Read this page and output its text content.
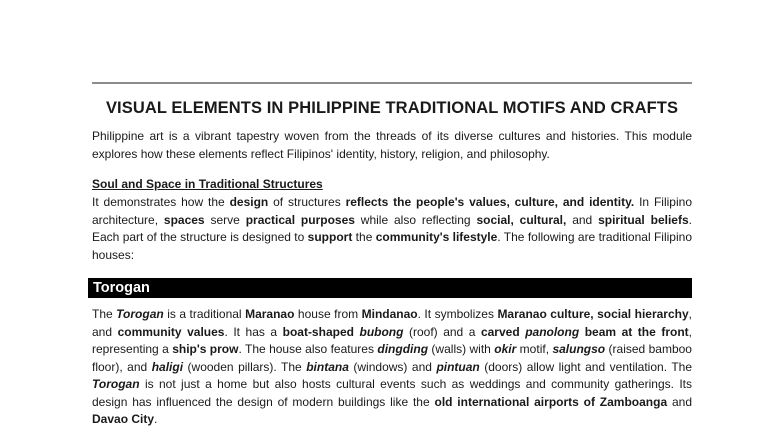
VISUAL ELEMENTS IN PHILIPPINE TRADITIONAL MOTIFS AND CRAFTS
Philippine art is a vibrant tapestry woven from the threads of its diverse cultures and histories. This module explores how these elements reflect Filipinos' identity, history, religion, and philosophy.
Soul and Space in Traditional Structures
It demonstrates how the design of structures reflects the people's values, culture, and identity. In Filipino architecture, spaces serve practical purposes while also reflecting social, cultural, and spiritual beliefs. Each part of the structure is designed to support the community's lifestyle. The following are traditional Filipino houses:
Torogan
The Torogan is a traditional Maranao house from Mindanao. It symbolizes Maranao culture, social hierarchy, and community values. It has a boat-shaped bubong (roof) and a carved panolong beam at the front, representing a ship's prow. The house also features dingding (walls) with okir motif, salungso (raised bamboo floor), and haligi (wooden pillars). The bintana (windows) and pintuan (doors) allow light and ventilation. The Torogan is not just a home but also hosts cultural events such as weddings and community gatherings. Its design has influenced the design of modern buildings like the old international airports of Zamboanga and Davao City.
